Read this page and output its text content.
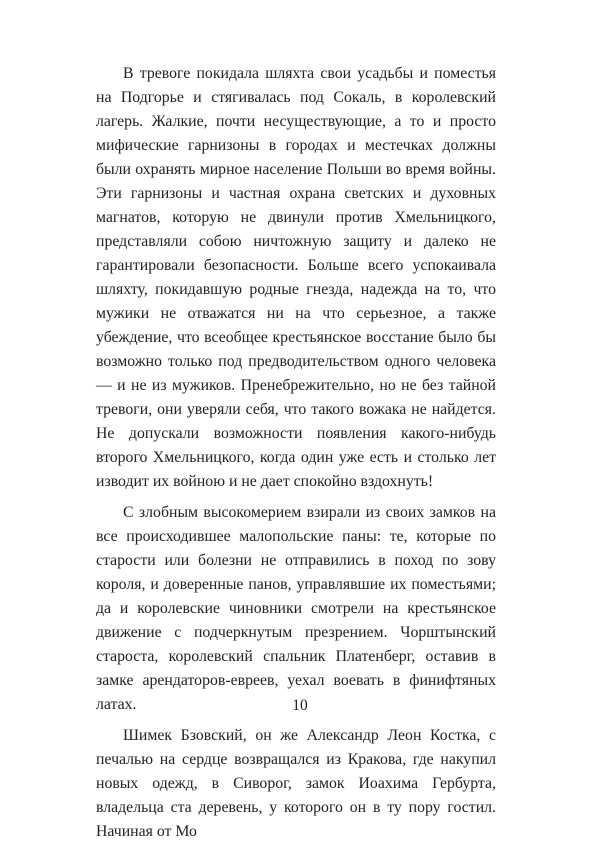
В тревоге покидала шляхта свои усадьбы и поместья на Подгорье и стягивалась под Сокаль, в королевский лагерь. Жалкие, почти несуществующие, а то и просто мифические гарнизоны в городах и местечках должны были охранять мирное население Польши во время войны. Эти гарнизоны и частная охрана светских и духовных магнатов, которую не двинули против Хмельницкого, представляли собою ничтожную защиту и далеко не гарантировали безопасности. Больше всего успокаивала шляхту, покидавшую родные гнезда, надежда на то, что мужики не отважатся ни на что серьезное, а также убеждение, что всеобщее крестьянское восстание было бы возможно только под предводительством одного человека — и не из мужиков. Пренебрежительно, но не без тайной тревоги, они уверяли себя, что такого вожака не найдется. Не допускали возможности появления какого-нибудь второго Хмельницкого, когда один уже есть и столько лет изводит их войною и не дает спокойно вздохнуть!

С злобным высокомерием взирали из своих замков на все происходившее малопольские паны: те, которые по старости или болезни не отправились в поход по зову короля, и доверенные панов, управлявшие их поместьями; да и королевские чиновники смотрели на крестьянское движение с подчеркнутым презрением. Чорштынский староста, королевский спальник Платенберг, оставив в замке арендаторов-евреев, уехал воевать в финифтяных латах.

Шимек Бзовский, он же Александр Леон Костка, с печалью на сердце возвращался из Кракова, где накупил новых одежд, в Сиворог, замок Иоахима Гербурта, владельца ста деревень, у которого он в ту пору гостил. Начиная от Мо

10
